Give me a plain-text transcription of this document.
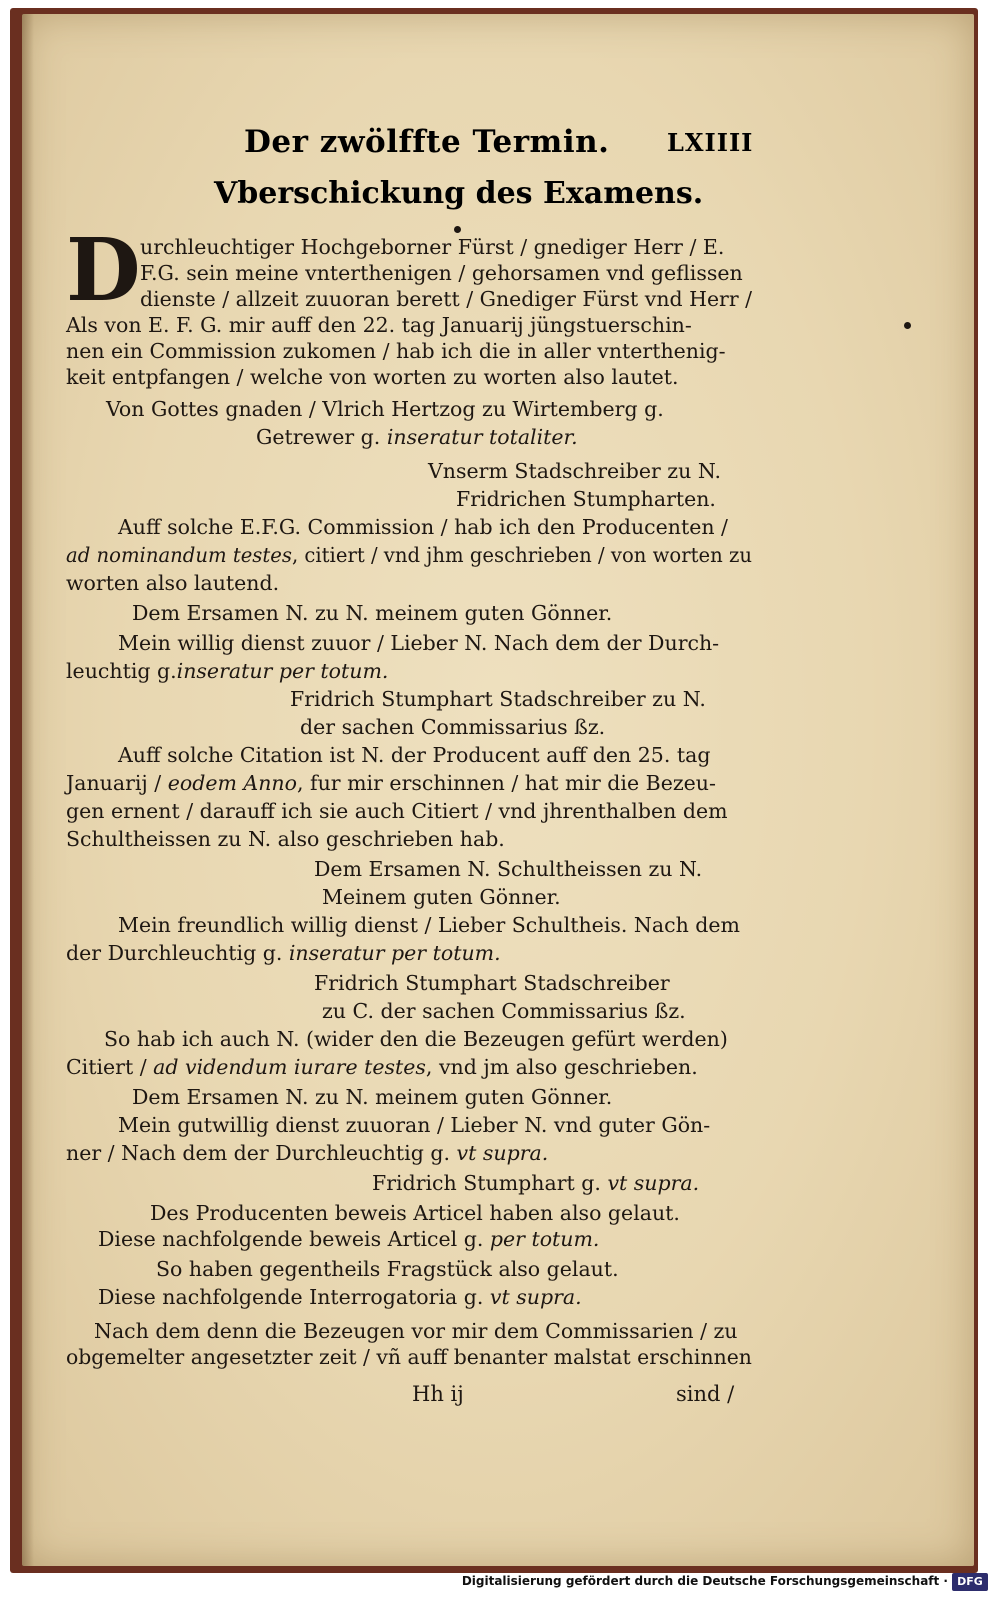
Der zwölffte Termin. LXIIII
Vberschickung des Examens.
D urchleuchtiger Hochgeborner Fürst / gnediger Herr / E.
F.G. sein meine vnterthenigen / gehorsamen vnd geflissen
dienste / allzeit zuuoran berett / Gnediger Fürst vnd Herr /
Als von E. F. G. mir auff den 22. tag Januarij jüngstuerschin-
nen ein Commission zukomen / hab ich die in aller vnterthenig-
keit entpfangen / welche von worten zu worten also lautet.
Von Gottes gnaden / Vlrich Hertzog zu Wirtemberg g.
Getrewer g. inseratur totaliter.
Vnserm Stadschreiber zu N.
Fridrichen Stumpharten.
Auff solche E.F.G. Commission / hab ich den Producenten /
ad nominandum testes, citiert / vnd jhm geschrieben / von worten zu
worten also lautend.
Dem Ersamen N. zu N. meinem guten Gönner.
Mein willig dienst zuuor / Lieber N. Nach dem der Durch-
leuchtig g.inseratur per totum.
Fridrich Stumphart Stadschreiber zu N.
der sachen Commissarius ßz.
Auff solche Citation ist N. der Producent auff den 25. tag
Januarij / eodem Anno, fur mir erschinnen / hat mir die Bezeu-
gen ernent / darauff ich sie auch Citiert / vnd jhrenthalben dem
Schultheissen zu N. also geschrieben hab.
Dem Ersamen N. Schultheissen zu N.
Meinem guten Gönner.
Mein freundlich willig dienst / Lieber Schultheis. Nach dem
der Durchleuchtig g. inseratur per totum.
Fridrich Stumphart Stadschreiber
zu C. der sachen Commissarius ßz.
So hab ich auch N. (wider den die Bezeugen gefürt werden)
Citiert / ad videndum iurare testes, vnd jm also geschrieben.
Dem Ersamen N. zu N. meinem guten Gönner.
Mein gutwillig dienst zuuoran / Lieber N. vnd guter Gön-
ner / Nach dem der Durchleuchtig g. vt supra.
Fridrich Stumphart g. vt supra.
Des Producenten beweis Articel haben also gelaut.
Diese nachfolgende beweis Articel g. per totum.
So haben gegentheils Fragstück also gelaut.
Diese nachfolgende Interrogatoria g. vt supra.
Nach dem denn die Bezeugen vor mir dem Commissarien / zu
obgemelter angesetzter zeit / vñ auff benanter malstat erschinnen
Hh ij	sind /
Digitalisierung gefördert durch die Deutsche Forschungsgemeinschaft · DFG
